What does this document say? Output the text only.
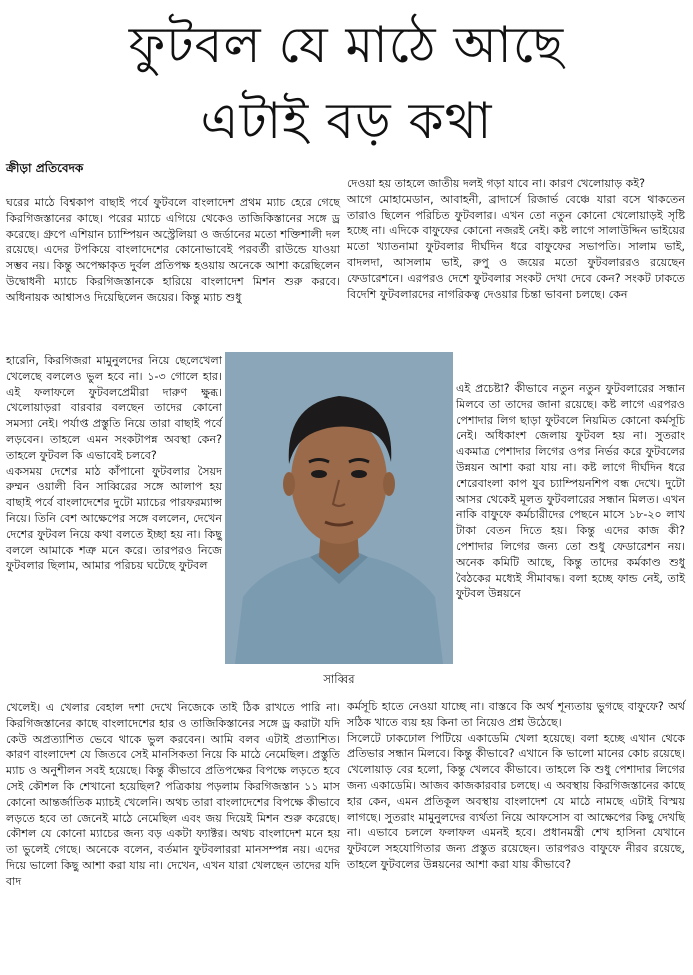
ফুটবল যে মাঠে আছে
এটাই বড় কথা
ক্রীড়া প্রতিবেদক

ঘরের মাঠে বিশ্বকাপ বাছাই পর্বে ফুটবলে বাংলাদেশ প্রথম ম্যাচ হেরে গেছে কিরগিজস্তানের কাছে। পরের ম্যাচে এগিয়ে থেকেও তাজিকিস্তানের সঙ্গে ড্র করেছে। গ্রুপে এশিয়ান চ্যাম্পিয়ন অস্ট্রেলিয়া ও জর্ডানের মতো শক্তিশালী দল রয়েছে। এদের টপকিয়ে বাংলাদেশের কোনোভাবেই পরবর্তী রাউন্ডে যাওয়া সম্ভব নয়। কিন্তু অপেক্ষাকৃত দুর্বল প্রতিপক্ষ হওয়ায় অনেকে আশা করেছিলেন উদ্বোধনী ম্যাচে কিরগিজস্তানকে হারিয়ে বাংলাদেশ মিশন শুরু করবে। অধিনায়ক আশ্বাসও দিয়েছিলেন জয়ের। কিন্তু ম্যাচ শুধু

হারেনি, কিরগিজরা মামুনুলদের নিয়ে ছেলেখেলা খেলেছে বললেও ভুল হবে না। ১-৩ গোলে হার। এই ফলাফলে ফুটবলপ্রেমীরা দারুণ ক্ষুব্ধ। খেলোয়াড়রা বারবার বলছেন তাদের কোনো সমস্যা নেই। পর্যাপ্ত প্রস্তুতি নিয়ে তারা বাছাই পর্বে লড়বেন। তাহলে এমন সংকটাপন্ন অবস্থা কেন? তাহলে ফুটবল কি এভাবেই চলবে?

একসময় দেশের মাঠ কাঁপানো ফুটবলার সৈয়দ রুম্মন ওয়ালী বিন সাব্বিরের সঙ্গে আলাপ হয় বাছাই পর্বে বাংলাদেশের দুটো ম্যাচের পারফরম্যান্স নিয়ে। তিনি বেশ আক্ষেপের সঙ্গে বললেন, দেখেন দেশের ফুটবল নিয়ে কথা বলতে ইচ্ছা হয় না। কিছু বললে আমাকে শত্রু মনে করে। তারপরও নিজে ফুটবলার ছিলাম, আমার পরিচয় ঘটেছে ফুটবল

খেলেই। এ খেলার বেহাল দশা দেখে নিজেকে তাই ঠিক রাখতে পারি না। কিরগিজস্তানের কাছে বাংলাদেশের হার ও তাজিকিস্তানের সঙ্গে ড্র করাটা যদি কেউ অপ্রত্যাশিত ভেবে থাকে ভুল করবেন। আমি বলব এটাই প্রত্যাশিত। কারণ বাংলাদেশ যে জিতবে সেই মানসিকতা নিয়ে কি মাঠে নেমেছিল। প্রস্তুতি ম্যাচ ও অনুশীলন সবই হয়েছে। কিন্তু কীভাবে প্রতিপক্ষের বিপক্ষে লড়তে হবে সেই কৌশল কি শেখানো হয়েছিল? পত্রিকায় পড়লাম কিরগিজস্তান ১১ মাস কোনো আন্তর্জাতিক ম্যাচই খেলেনি। অথচ তারা বাংলাদেশের বিপক্ষে কীভাবে লড়তে হবে তা জেনেই মাঠে নেমেছিল এবং জয় দিয়েই মিশন শুরু করেছে। কৌশল যে কোনো ম্যাচের জন্য বড় একটা ফ্যাক্টর। অথচ বাংলাদেশ মনে হয় তা ভুলেই গেছে। অনেকে বলেন, বর্তমান ফুটবলাররা মানসম্পন্ন নয়। এদের দিয়ে ভালো কিছু আশা করা যায় না। দেখেন, এখন যারা খেলছেন তাদের যদি বাদ

দেওয়া হয় তাহলে জাতীয় দলই গড়া যাবে না। কারণ খেলোয়াড় কই?

আগে মোহামেডান, আবাহনী, ব্রাদার্সে রিজার্ভ বেঞ্চে যারা বসে থাকতেন তারাও ছিলেন পরিচিত ফুটবলার। এখন তো নতুন কোনো খেলোয়াড়ই সৃষ্টি হচ্ছে না। এদিকে বাফুফের কোনো নজরই নেই। কষ্ট লাগে সালাউদ্দিন ভাইয়ের মতো খ্যাতনামা ফুটবলার দীর্ঘদিন ধরে বাফুফের সভাপতি। সালাম ভাই, বাদলদা, আসলাম ভাই, রুপু ও জয়ের মতো ফুটবলাররও রয়েছেন ফেডারেশনে। এরপরও দেশে ফুটবলার সংকট দেখা দেবে কেন? সংকট ঢাকতে বিদেশি ফুটবলারদের নাগরিকত্ব দেওয়ার চিন্তা ভাবনা চলছে। কেন

এই প্রচেষ্টা? কীভাবে নতুন নতুন ফুটবলারের সন্ধান মিলবে তা তাদের জানা রয়েছে। কষ্ট লাগে এরপরও পেশাদার লিগ ছাড়া ফুটবলে নিয়মিত কোনো কর্মসূচি নেই। অধিকাংশ জেলায় ফুটবল হয় না। সুতরাং একমাত্র পেশাদার লিগের ওপর নির্ভর করে ফুটবলের উন্নয়ন আশা করা যায় না। কষ্ট লাগে দীর্ঘদিন ধরে শেরেবাংলা কাপ যুব চ্যাম্পিয়নশিপ বন্ধ দেখে। দুটো আসর থেকেই মূলত ফুটবলারের সন্ধান মিলত। এখন নাকি বাফুফে কর্মচারীদের পেছনে মাসে ১৮-২০ লাখ টাকা বেতন দিতে হয়। কিন্তু এদের কাজ কী? পেশাদার লিগের জন্য তো শুধু ফেডারেশন নয়। অনেক কমিটি আছে, কিন্তু তাদের কর্মকাণ্ড শুধু বৈঠকের মধ্যেই সীমাবদ্ধ। বলা হচ্ছে ফান্ড নেই, তাই ফুটবল উন্নয়নে

কর্মসূচি হাতে নেওয়া যাচ্ছে না। বাস্তবে কি অর্থ শূন্যতায় ভুগছে বাফুফে? অর্থ সঠিক খাতে ব্যয় হয় কিনা তা নিয়েও প্রশ্ন উঠেছে।

সিলেটে ঢাকঢোল পিটিয়ে একাডেমি খেলা হয়েছে। বলা হচ্ছে এখান থেকে প্রতিভার সন্ধান মিলবে। কিন্তু কীভাবে? এখানে কি ভালো মানের কোচ রয়েছে। খেলোয়াড় বের হলো, কিন্তু খেলবে কীভাবে। তাহলে কি শুধু পেশাদার লিগের জন্য একাডেমি। আজব কাজকারবার চলছে। এ অবস্থায় কিরগিজস্তানের কাছে হার কেন, এমন প্রতিকূল অবস্থায় বাংলাদেশ যে মাঠে নামছে এটাই বিস্ময় লাগছে। সুতরাং মামুনুলদের ব্যর্থতা নিয়ে আফসোস বা আক্ষেপের কিছু দেখছি না। এভাবে চললে ফলাফল এমনই হবে। প্রধানমন্ত্রী শেখ হাসিনা যেখানে ফুটবলে সহযোগিতার জন্য প্রস্তুত রয়েছেন। তারপরও বাফুফে নীরব রয়েছে, তাহলে ফুটবলের উন্নয়নের আশা করা যায় কীভাবে?

সাব্বির
